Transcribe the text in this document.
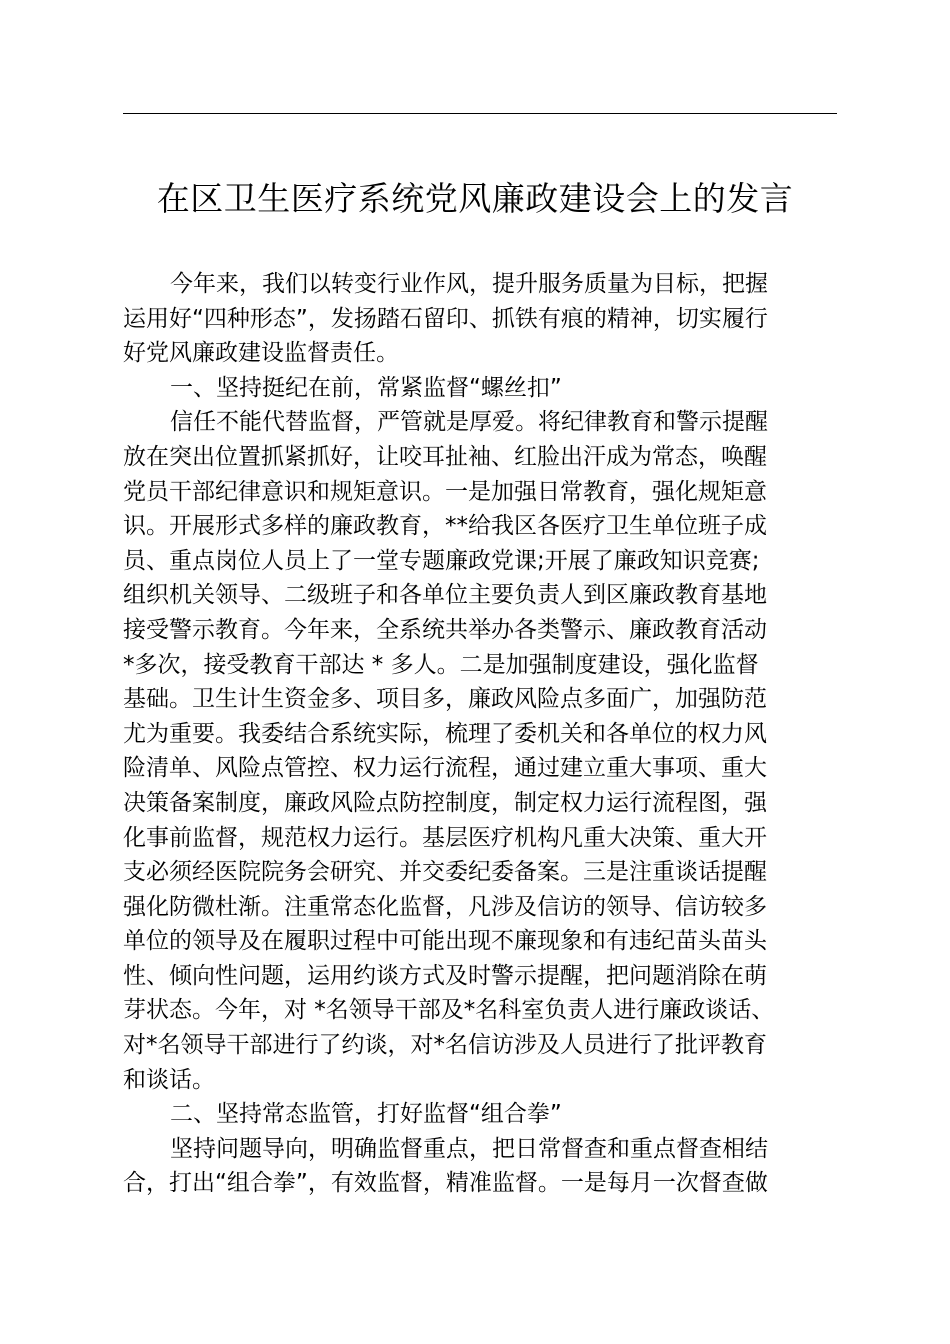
在区卫生医疗系统党风廉政建设会上的发言
今年来，我们以转变行业作风，提升服务质量为目标，把握
运用好“四种形态”，发扬踏石留印、抓铁有痕的精神，切实履行
好党风廉政建设监督责任。
一、坚持挺纪在前，常紧监督“螺丝扣”
信任不能代替监督，严管就是厚爱。将纪律教育和警示提醒
放在突出位置抓紧抓好，让咬耳扯袖、红脸出汗成为常态，唤醒
党员干部纪律意识和规矩意识。一是加强日常教育，强化规矩意
识。开展形式多样的廉政教育，**给我区各医疗卫生单位班子成
员、重点岗位人员上了一堂专题廉政党课;开展了廉政知识竞赛;
组织机关领导、二级班子和各单位主要负责人到区廉政教育基地
接受警示教育。今年来，全系统共举办各类警示、廉政教育活动
*多次，接受教育干部达 * 多人。二是加强制度建设，强化监督
基础。卫生计生资金多、项目多，廉政风险点多面广，加强防范
尤为重要。我委结合系统实际，梳理了委机关和各单位的权力风
险清单、风险点管控、权力运行流程，通过建立重大事项、重大
决策备案制度，廉政风险点防控制度，制定权力运行流程图，强
化事前监督，规范权力运行。基层医疗机构凡重大决策、重大开
支必须经医院院务会研究、并交委纪委备案。三是注重谈话提醒
强化防微杜渐。注重常态化监督，凡涉及信访的领导、信访较多
单位的领导及在履职过程中可能出现不廉现象和有违纪苗头苗头
性、倾向性问题，运用约谈方式及时警示提醒，把问题消除在萌
芽状态。今年，对 *名领导干部及*名科室负责人进行廉政谈话、
对*名领导干部进行了约谈，对*名信访涉及人员进行了批评教育
和谈话。
二、坚持常态监管，打好监督“组合拳”
坚持问题导向，明确监督重点，把日常督查和重点督查相结
合，打出“组合拳”，有效监督，精准监督。一是每月一次督查做
